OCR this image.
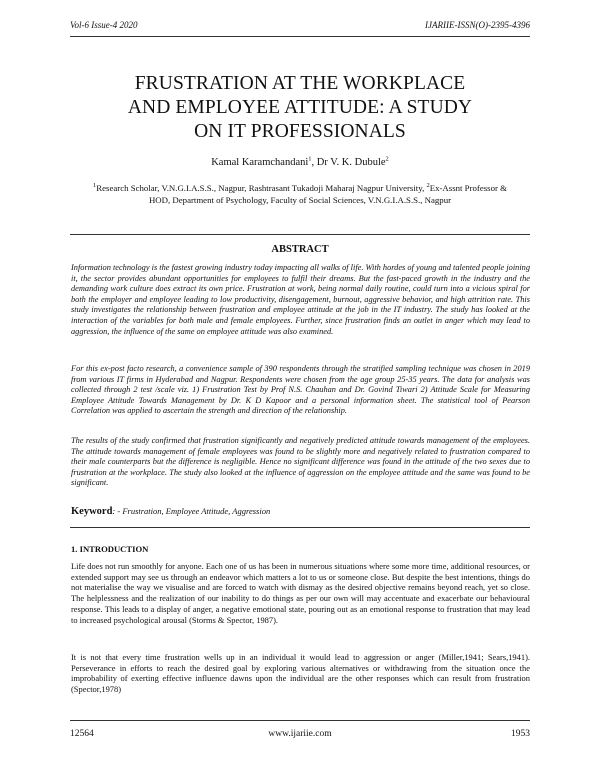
Vol-6 Issue-4 2020	IJARIIE-ISSN(O)-2395-4396
FRUSTRATION AT THE WORKPLACE
AND EMPLOYEE ATTITUDE: A STUDY
ON IT PROFESSIONALS
Kamal Karamchandani$^1$, Dr V. K. Dubule$^2$
$^1$Research Scholar, V.N.G.I.A.S.S., Nagpur, Rashtrasant Tukadoji Maharaj Nagpur University, $^2$Ex-Assnt Professor & HOD, Department of Psychology, Faculty of Social Sciences, V.N.G.I.A.S.S., Nagpur
ABSTRACT
Information technology is the fastest growing industry today impacting all walks of life. With hordes of young and talented people joining it, the sector provides abundant opportunities for employees to fulfil their dreams. But the fast-paced growth in the industry and the demanding work culture does extract its own price. Frustration at work, being normal daily routine, could turn into a vicious spiral for both the employer and employee leading to low productivity, disengagement, burnout, aggressive behavior, and high attrition rate. This study investigates the relationship between frustration and employee attitude at the job in the IT industry. The study has looked at the interaction of the variables for both male and female employees. Further, since frustration finds an outlet in anger which may lead to aggression, the influence of the same on employee attitude was also examined.
For this ex-post facto research, a convenience sample of 390 respondents through the stratified sampling technique was chosen in 2019 from various IT firms in Hyderabad and Nagpur. Respondents were chosen from the age group 25-35 years. The data for analysis was collected through 2 test /scale viz. 1) Frustration Test by Prof N.S. Chauhan and Dr. Govind Tiwari 2) Attitude Scale for Measuring Employee Attitude Towards Management by Dr. K D Kapoor and a personal information sheet. The statistical tool of Pearson Correlation was applied to ascertain the strength and direction of the relationship.
The results of the study confirmed that frustration significantly and negatively predicted attitude towards management of the employees. The attitude towards management of female employees was found to be slightly more and negatively related to frustration compared to their male counterparts but the difference is negligible. Hence no significant difference was found in the attitude of the two sexes due to frustration at the workplace. The study also looked at the influence of aggression on the employee attitude and the same was found to be significant.
Keyword: - Frustration, Employee Attitude, Aggression
1. INTRODUCTION
Life does not run smoothly for anyone. Each one of us has been in numerous situations where some more time, additional resources, or extended support may see us through an endeavor which matters a lot to us or someone close. But despite the best intentions, things do not materialise the way we visualise and are forced to watch with dismay as the desired objective remains beyond reach, yet so close. The helplessness and the realization of our inability to do things as per our own will may accentuate and exacerbate our behavioural response. This leads to a display of anger, a negative emotional state, pouring out as an emotional response to frustration that may lead to increased psychological arousal (Storms & Spector, 1987).
It is not that every time frustration wells up in an individual it would lead to aggression or anger (Miller,1941; Sears,1941). Perseverance in efforts to reach the desired goal by exploring various alternatives or withdrawing from the situation once the improbability of exerting effective influence dawns upon the individual are the other responses which can result from frustration (Spector,1978)
12564	www.ijariie.com	1953
